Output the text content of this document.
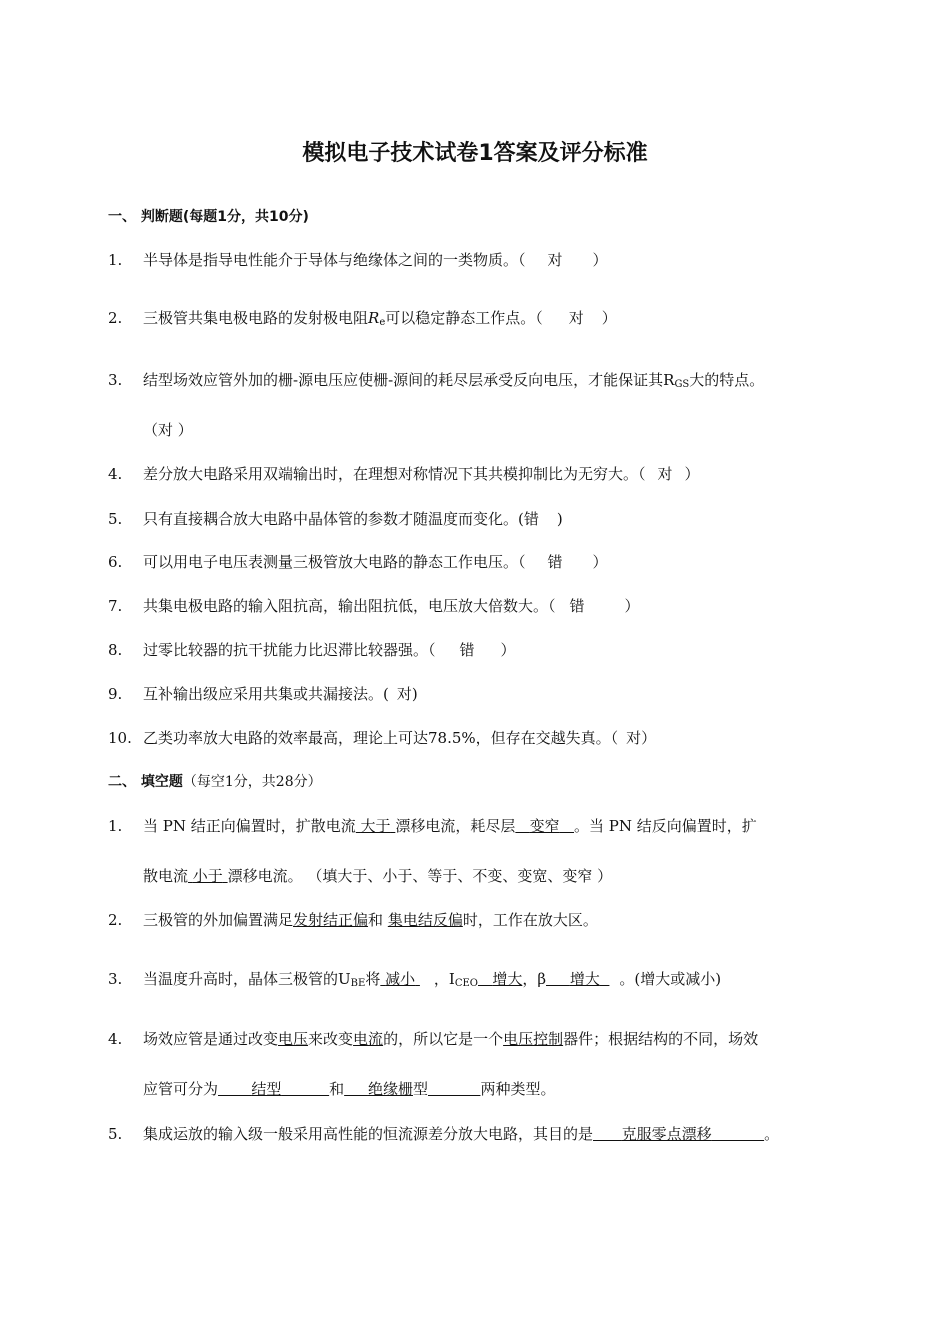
模拟电子技术试卷1答案及评分标准
一、 判断题(每题1分，共10分)
1. 半导体是指导电性能介于导体与绝缘体之间的一类物质。（ 对 ）
2. 三极管共集电极电路的发射极电阻$R_e$可以稳定静态工作点。（ 对 ）
3. 结型场效应管外加的栅-源电压应使栅-源间的耗尽层承受反向电压，才能保证其$R_{GS}$大的特点。
（对 ）
4. 差分放大电路采用双端输出时，在理想对称情况下其共模抑制比为无穷大。（ 对 ）
5. 只有直接耦合放大电路中晶体管的参数才随温度而变化。(错 )
6. 可以用电子电压表测量三极管放大电路的静态工作电压。（ 错 ）
7. 共集电极电路的输入阻抗高，输出阻抗低，电压放大倍数大。（ 错	）
8. 过零比较器的抗干扰能力比迟滞比较器强。（ 错 ）
9. 互补输出级应采用共集或共漏接法。( 对)
10. 乙类功率放大电路的效率最高，理论上可达78.5%，但存在交越失真。（ 对）
二、 填空题（每空1分，共28分）
1. 当 PN 结正向偏置时，扩散电流 大于 漂移电流，耗尽层 变窄 。当 PN 结反向偏置时，扩
散电流 小于 漂移电流。 （填大于、小于、等于、不变、变宽、变窄 ）
2. 三极管的外加偏置满足发射结正偏和 集电结反偏时，工作在放大区。
3. 当温度升高时，晶体三极管的$U_{BE}$将 减小 ，$I_{CEO}$ 增大，β 增大 。(增大或减小)
4. 场效应管是通过改变电压来改变电流的，所以它是一个电压控制器件；根据结构的不同，场效
应管可分为 结型	和 绝缘栅型	两种类型。
5. 集成运放的输入级一般采用高性能的恒流源差分放大电路，其目的是 克服零点漂移	。
